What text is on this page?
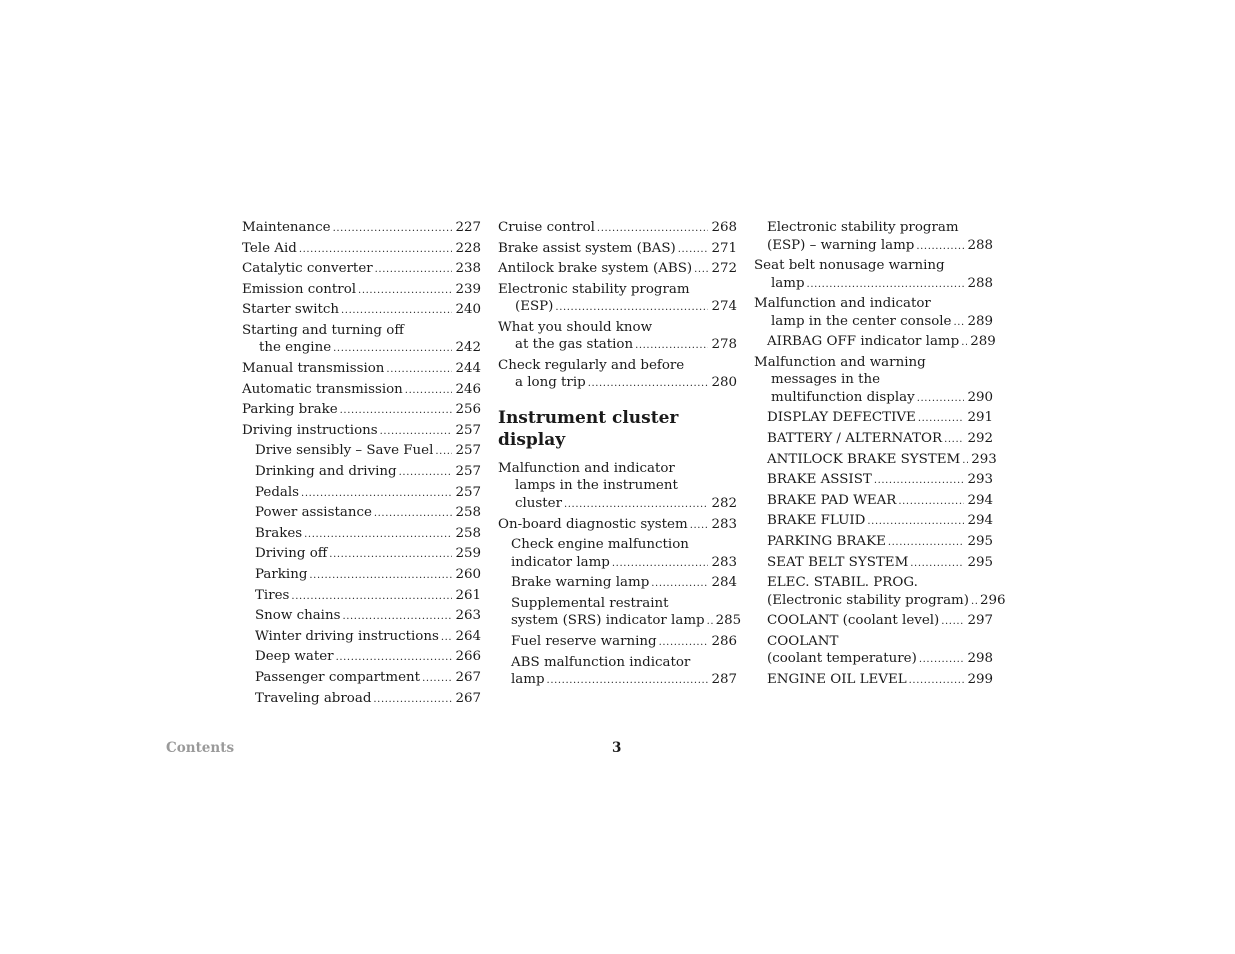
Maintenance .....	227
Tele Aid .....	228
Catalytic converter .....	238
Emission control .....	239
Starter switch .....	240
Starting and turning off
the engine .....	242
Manual transmission .....	244
Automatic transmission .....	246
Parking brake .....	256
Driving instructions .....	257
Drive sensibly – Save Fuel ..... 257
Drinking and driving .....	257
Pedals .....	257
Power assistance .....	258
Brakes .....	258
Driving off .....	259
Parking .....	260
Tires .....	261
Snow chains .....	263
Winter driving instructions ..... 264
Deep water .....	266
Passenger compartment .....	267
Traveling abroad .....	267
Cruise control .....	268
Brake assist system (BAS) .....	271
Antilock brake system (ABS) ..... 272
Electronic stability program
(ESP) .....	274
What you should know
at the gas station .....	278
Check regularly and before
a long trip .....	280
Instrument cluster display
Malfunction and indicator
lamps in the instrument
cluster .....	282
On-board diagnostic system ..... 283
Check engine malfunction
indicator lamp .....	283
Brake warning lamp .....	284
Supplemental restraint
system (SRS) indicator lamp ..... 285
Fuel reserve warning .....	286
ABS malfunction indicator
lamp .....	287
Electronic stability program
(ESP) – warning lamp .....	288
Seat belt nonusage warning
lamp .....	288
Malfunction and indicator
lamp in the center console ..... 289
AIRBAG OFF indicator lamp ..... 289
Malfunction and warning
messages in the
multifunction display .....	290
DISPLAY DEFECTIVE .....	291
BATTERY / ALTERNATOR ..... 292
ANTILOCK BRAKE SYSTEM ..... 293
BRAKE ASSIST .....	293
BRAKE PAD WEAR .....	294
BRAKE FLUID .....	294
PARKING BRAKE .....	295
SEAT BELT SYSTEM .....	295
ELEC. STABIL. PROG.
(Electronic stability program) ..... 296
COOLANT (coolant level) ..... 297
COOLANT
(coolant temperature) .....	298
ENGINE OIL LEVEL .....	299
Contents	3
